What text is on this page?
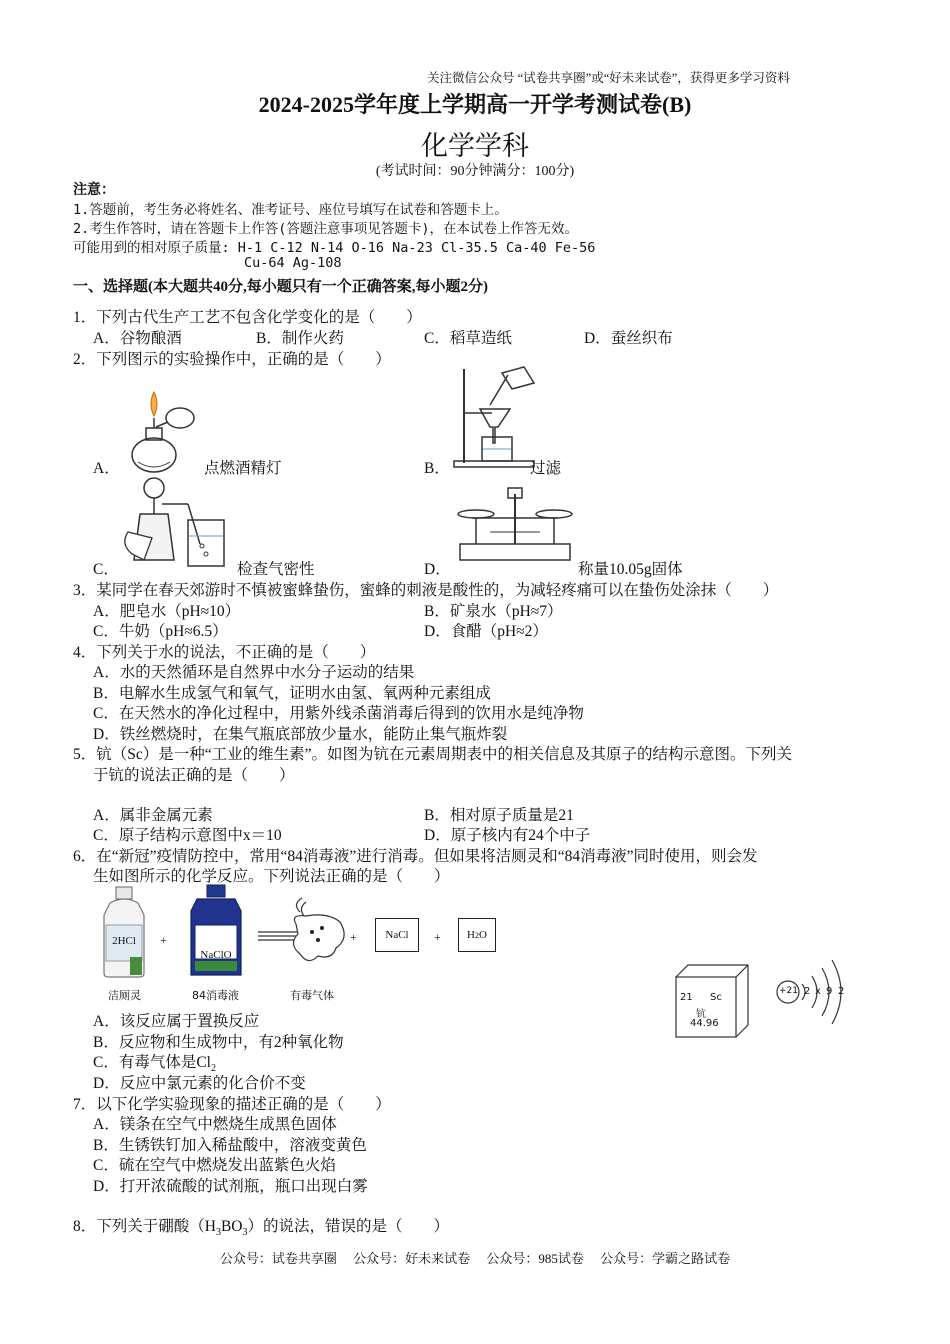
关注微信公众号 “试卷共享圈”或“好未来试卷”，获得更多学习资料
2024-2025学年度上学期高一开学考测试卷(B)
化学学科
(考试时间：90分钟满分：100分)
注意：
1.答题前，考生务必将姓名、准考证号、座位号填写在试卷和答题卡上。
2.考生作答时，请在答题卡上作答(答题注意事项见答题卡)，在本试卷上作答无效。
可能用到的相对原子质量: H-1 C-12 N-14 O-16 Na-23 Cl-35.5 Ca-40 Fe-56
Cu-64 Ag-108
一、选择题(本大题共40分,每小题只有一个正确答案,每小题2分)
1．下列古代生产工艺不包含化学变化的是（　　）
A．谷物酿酒	B．制作火药	C．稻草造纸	D．蚕丝织布
2．下列图示的实验操作中，正确的是（　　）
A．	点燃酒精灯	B．	过滤
C．	检查气密性	D．	称量10.05g固体
3．某同学在春天郊游时不慎被蜜蜂蛰伤，蜜蜂的刺液是酸性的，为减轻疼痛可以在蛰伤处涂抹（　　）
A．肥皂水（pH≈10）	B．矿泉水（pH≈7）
C．牛奶（pH≈6.5）	D．食醋（pH≈2）
4．下列关于水的说法，不正确的是（　　）
A．水的天然循环是自然界中水分子运动的结果
B．电解水生成氢气和氧气，证明水由氢、氧两种元素组成
C．在天然水的净化过程中，用紫外线杀菌消毒后得到的饮用水是纯净物
D．铁丝燃烧时，在集气瓶底部放少量水，能防止集气瓶炸裂
5．钪（Sc）是一种“工业的维生素”。如图为钪在元素周期表中的相关信息及其原子的结构示意图。下列关
于钪的说法正确的是（　　）
A．属非金属元素	B．相对原子质量是21
C．原子结构示意图中x＝10	D．原子核内有24个中子
6．在“新冠”疫情防控中，常用“84消毒液”进行消毒。但如果将洁厕灵和“84消毒液”同时使用，则会发
生如图所示的化学反应。下列说法正确的是（　　）
2HCl
洁厕灵
+
NaClO
84消毒液	有毒气体
+	NaCl + H 2 O
A．该反应属于置换反应
B．反应物和生成物中，有2种氧化物
C．有毒气体是$Cl_2$
D．反应中氯元素的化合价不变
21 Sc
钪
44.96
+21 2 x 9 2
7．以下化学实验现象的描述正确的是（　　）
A．镁条在空气中燃烧生成黑色固体
B．生锈铁钉加入稀盐酸中，溶液变黄色
C．硫在空气中燃烧发出蓝紫色火焰
D．打开浓硫酸的试剂瓶，瓶口出现白雾
8．下列关于硼酸$(H_3BO_3)$的说法，错误的是（　　）
公众号：试卷共享圈　 公众号：好未来试卷　 公众号：985试卷　 公众号：学霸之路试卷
